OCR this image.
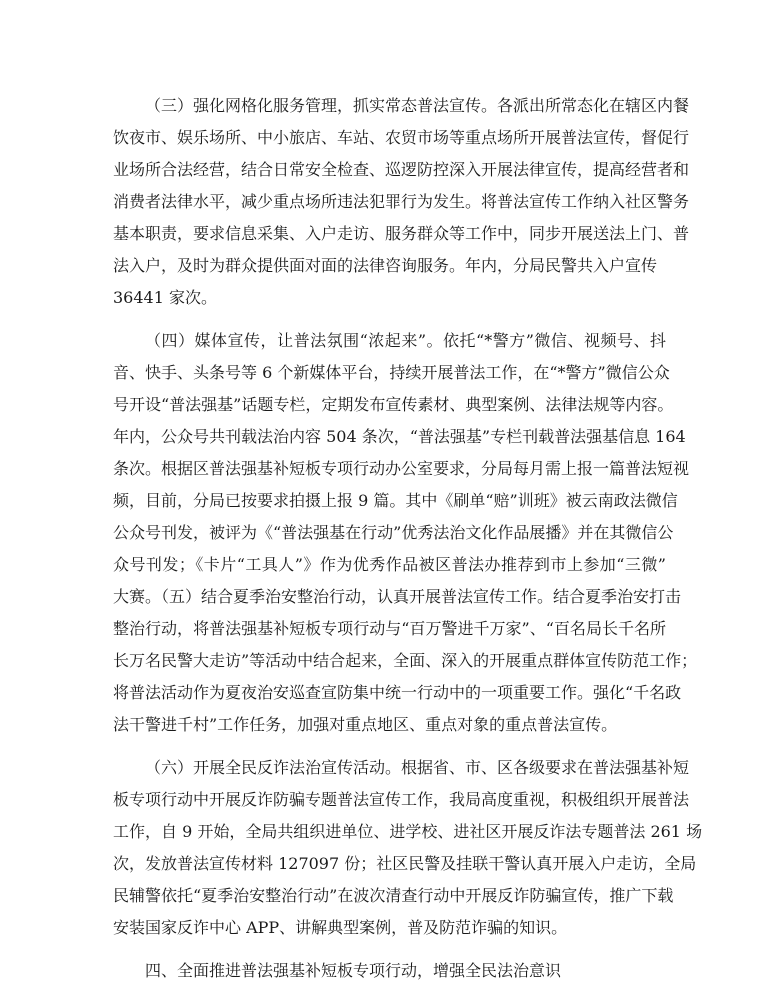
（三）强化网格化服务管理，抓实常态普法宣传。各派出所常态化在辖区内餐
饮夜市、娱乐场所、中小旅店、车站、农贸市场等重点场所开展普法宣传，督促行
业场所合法经营，结合日常安全检查、巡逻防控深入开展法律宣传，提高经营者和
消费者法律水平，减少重点场所违法犯罪行为发生。将普法宣传工作纳入社区警务
基本职责，要求信息采集、入户走访、服务群众等工作中，同步开展送法上门、普
法入户，及时为群众提供面对面的法律咨询服务。年内，分局民警共入户宣传
36441 家次。
（四）媒体宣传，让普法氛围“浓起来”。依托“*警方”微信、视频号、抖
音、快手、头条号等 6 个新媒体平台，持续开展普法工作，在“*警方”微信公众
号开设“普法强基”话题专栏，定期发布宣传素材、典型案例、法律法规等内容。
年内，公众号共刊载法治内容 504 条次，“普法强基”专栏刊载普法强基信息 164
条次。根据区普法强基补短板专项行动办公室要求，分局每月需上报一篇普法短视
频，目前，分局已按要求拍摄上报 9 篇。其中《刷单“赔”训班》被云南政法微信
公众号刊发，被评为《“普法强基在行动”优秀法治文化作品展播》并在其微信公
众号刊发；《卡片“工具人”》作为优秀作品被区普法办推荐到市上参加“三微”
大赛。（五）结合夏季治安整治行动，认真开展普法宣传工作。结合夏季治安打击
整治行动，将普法强基补短板专项行动与“百万警进千万家”、“百名局长千名所
长万名民警大走访”等活动中结合起来，全面、深入的开展重点群体宣传防范工作；
将普法活动作为夏夜治安巡查宣防集中统一行动中的一项重要工作。强化“千名政
法干警进千村”工作任务，加强对重点地区、重点对象的重点普法宣传。
（六）开展全民反诈法治宣传活动。根据省、市、区各级要求在普法强基补短
板专项行动中开展反诈防骗专题普法宣传工作，我局高度重视，积极组织开展普法
工作，自 9 开始，全局共组织进单位、进学校、进社区开展反诈法专题普法 261 场
次，发放普法宣传材料 127097 份；社区民警及挂联干警认真开展入户走访，全局
民辅警依托“夏季治安整治行动”在波次清查行动中开展反诈防骗宣传，推广下载
安装国家反诈中心 APP、讲解典型案例，普及防范诈骗的知识。
四、全面推进普法强基补短板专项行动，增强全民法治意识
